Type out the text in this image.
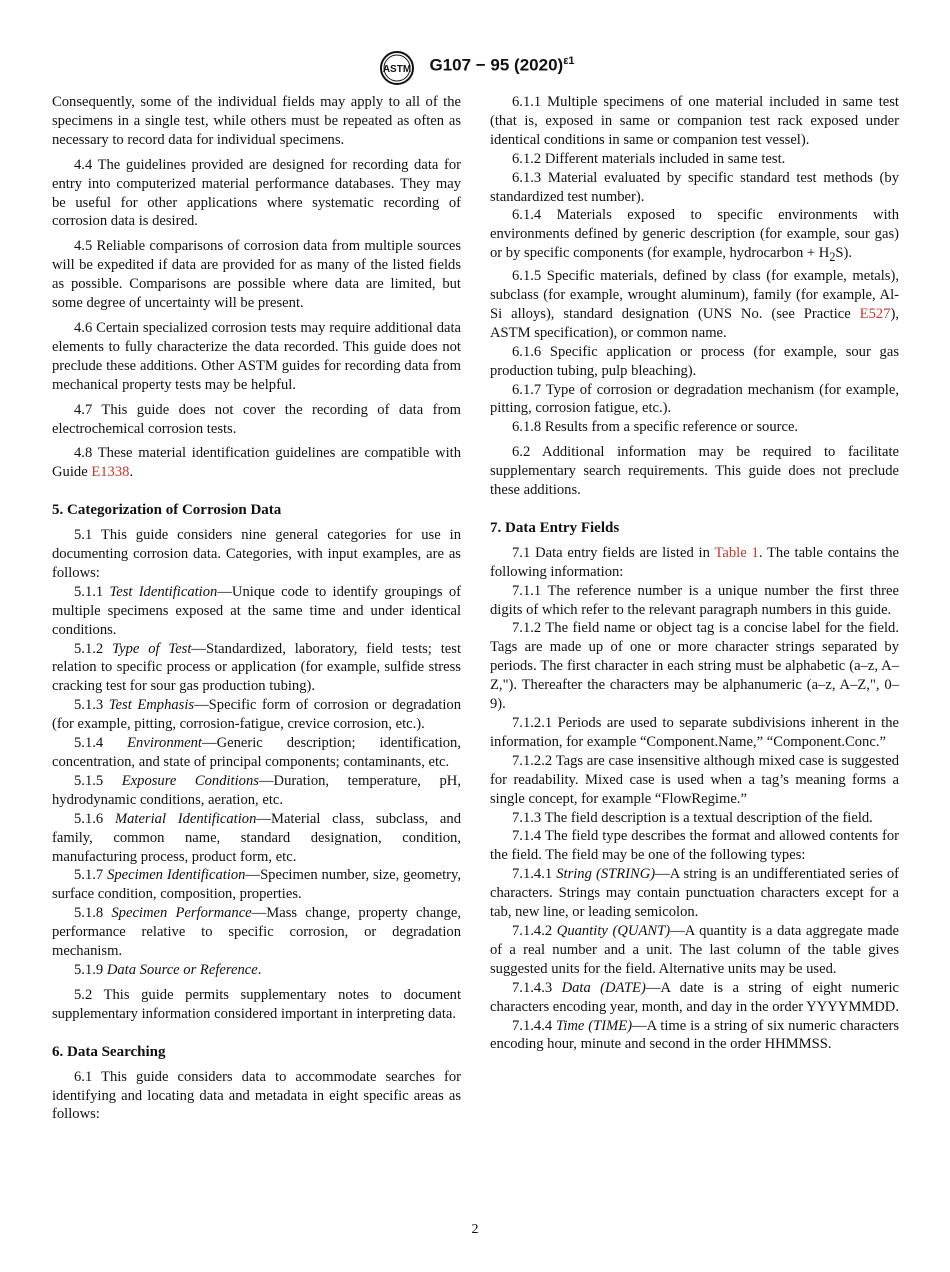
ASTM G107 − 95 $(2020)^{\varepsilon 1}$

Consequently, some of the individual fields may apply to all of the specimens in a single test, while others must be repeated as often as necessary to record data for individual specimens.

4.4 The guidelines provided are designed for recording data for entry into computerized material performance databases. They may be useful for other applications where systematic recording of corrosion data is desired.

4.5 Reliable comparisons of corrosion data from multiple sources will be expedited if data are provided for as many of the listed fields as possible. Comparisons are possible where data are limited, but some degree of uncertainty will be present.

4.6 Certain specialized corrosion tests may require additional data elements to fully characterize the data recorded. This guide does not preclude these additions. Other ASTM guides for recording data from mechanical property tests may be helpful.

4.7 This guide does not cover the recording of data from electrochemical corrosion tests.

4.8 These material identification guidelines are compatible with Guide E1338.

5. Categorization of Corrosion Data

5.1 This guide considers nine general categories for use in documenting corrosion data. Categories, with input examples, are as follows:

5.1.1 Test Identification—Unique code to identify groupings of multiple specimens exposed at the same time and under identical conditions.

5.1.2 Type of Test—Standardized, laboratory, field tests; test relation to specific process or application (for example, sulfide stress cracking test for sour gas production tubing).

5.1.3 Test Emphasis—Specific form of corrosion or degradation (for example, pitting, corrosion-fatigue, crevice corrosion, etc.).

5.1.4 Environment—Generic description; identification, concentration, and state of principal components; contaminants, etc.

5.1.5 Exposure Conditions—Duration, temperature, pH, hydrodynamic conditions, aeration, etc.

5.1.6 Material Identification—Material class, subclass, and family, common name, standard designation, condition, manufacturing process, product form, etc.

5.1.7 Specimen Identification—Specimen number, size, geometry, surface condition, composition, properties.

5.1.8 Specimen Performance—Mass change, property change, performance relative to specific corrosion, or degradation mechanism.

5.1.9 Data Source or Reference.

5.2 This guide permits supplementary notes to document supplementary information considered important in interpreting data.

6. Data Searching

6.1 This guide considers data to accommodate searches for identifying and locating data and metadata in eight specific areas as follows:

6.1.1 Multiple specimens of one material included in same test (that is, exposed in same or companion test rack exposed under identical conditions in same or companion test vessel).

6.1.2 Different materials included in same test.

6.1.3 Material evaluated by specific standard test methods (by standardized test number).

6.1.4 Materials exposed to specific environments with environments defined by generic description (for example, sour gas) or by specific components (for example, hydrocarbon + $H_2S$).

6.1.5 Specific materials, defined by class (for example, metals), subclass (for example, wrought aluminum), family (for example, Al-Si alloys), standard designation (UNS No. (see Practice E527), ASTM specification), or common name.

6.1.6 Specific application or process (for example, sour gas production tubing, pulp bleaching).

6.1.7 Type of corrosion or degradation mechanism (for example, pitting, corrosion fatigue, etc.).

6.1.8 Results from a specific reference or source.

6.2 Additional information may be required to facilitate supplementary search requirements. This guide does not preclude these additions.

7. Data Entry Fields

7.1 Data entry fields are listed in Table 1. The table contains the following information:

7.1.1 The reference number is a unique number the first three digits of which refer to the relevant paragraph numbers in this guide.

7.1.2 The field name or object tag is a concise label for the field. Tags are made up of one or more character strings separated by periods. The first character in each string must be alphabetic (a–z, A–Z,"). Thereafter the characters may be alphanumeric (a–z, A–Z,", 0–9).

7.1.2.1 Periods are used to separate subdivisions inherent in the information, for example “Component.Name,” “Component.Conc.”

7.1.2.2 Tags are case insensitive although mixed case is suggested for readability. Mixed case is used when a tag’s meaning forms a single concept, for example “FlowRegime.”

7.1.3 The field description is a textual description of the field.

7.1.4 The field type describes the format and allowed contents for the field. The field may be one of the following types:

7.1.4.1 String (STRING)—A string is an undifferentiated series of characters. Strings may contain punctuation characters except for a tab, new line, or leading semicolon.

7.1.4.2 Quantity (QUANT)—A quantity is a data aggregate made of a real number and a unit. The last column of the table gives suggested units for the field. Alternative units may be used.

7.1.4.3 Data (DATE)—A date is a string of eight numeric characters encoding year, month, and day in the order YYYYMMDD.

7.1.4.4 Time (TIME)—A time is a string of six numeric characters encoding hour, minute and second in the order HHMMSS.

2
